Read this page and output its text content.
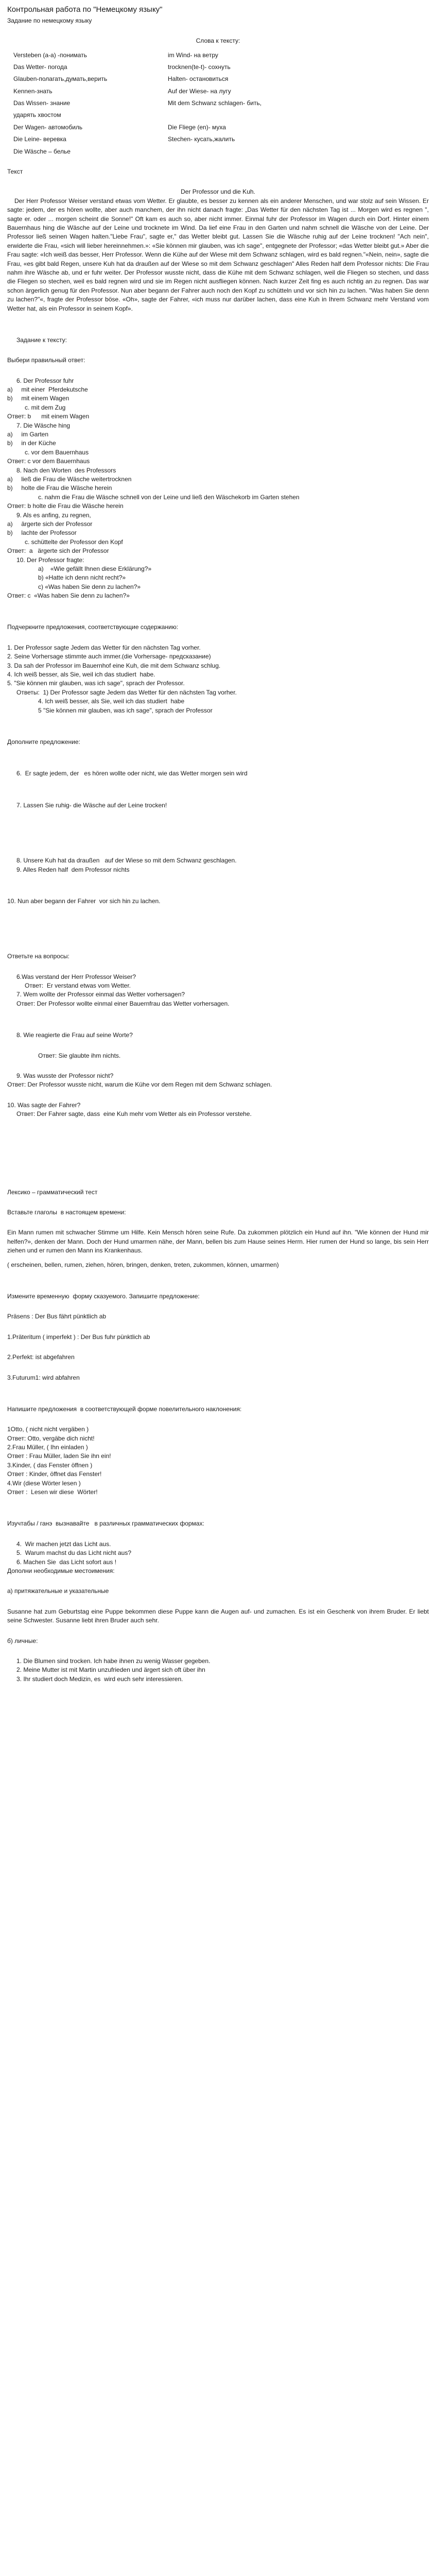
Контрольная работа по "Немецкому языку"

Задание по немецкому языку

Слова к тексту:

Versteben (a-a) -понимать	im Wind- на ветру
Das Wetter- погода	trocknen(te-t)- сохнуть
Glauben-полагать,думать,верить	Halten- остановиться
Kennen-знать	Auf der Wiese- на лугу
Das Wissen- знание	Mit dem Schwanz schlagen- бить,
ударять хвостом
Der Wagen- автомобиль	Die Fliege (en)- муха
Die Leine- веревка	Stechen- кусать,жалить
Die Wäsche – белье

Текст

Der Professor und die Kuh.

Der Herr Professor Weiser verstand etwas vom Wetter. Er glaubte, es besser zu kennen als ein anderer Menschen, und war stolz auf sein Wissen. Er sagte: jedem, der es hören wollte, aber auch manchem, der ihn nicht danach fragte: „Das Wetter für den nächsten Tag ist ... Morgen wird es regnen ", sagte er. oder ... morgen scheint die Sonne!" Oft kam es auch so, aber nicht immer. Einmal fuhr der Professor im Wagen durch ein Dorf. Hinter einem Bauernhaus hing die Wäsche auf der Leine und trocknete im Wind. Da lief eine Frau in den Garten und nahm schnell die Wäsche von der Leine. Der Professor ließ seinen Wagen halten."Liebe Frau", sagte er," das Wetter bleibt gut. Lassen Sie die Wäsche ruhig auf der Leine trocknen! "Ach nein", erwiderte die Frau, «sich will lieber hereinnehmen.»: «Sie können mir glauben, was ich sage", entgegnete der Professor; «das Wetter bleibt gut.» Aber die Frau sagte: «Ich weiß das besser, Herr Professor. Wenn die Kühe auf der Wiese mit dem Schwanz schlagen, wird es bald regnen."«Nein, nein», sagte die Frau, «es gibt bald Regen, unsere Kuh hat da draußen auf der Wiese so mit dem Schwanz geschlagen" Alles Reden half dem Professor nichts: Die Frau nahm ihre Wäsche ab, und er fuhr weiter. Der Professor wusste nicht, dass die Kühe mit dem Schwanz schlagen, weil die Fliegen so stechen, und dass die Fliegen so stechen, weil es bald regnen wird und sie im Regen nicht ausfliegen können. Nach kurzer Zeit fing es auch richtig an zu regnen. Das war schon ärgerlich genug für den Professor. Nun aber begann der Fahrer auch noch den Kopf zu schütteln und vor sich hin zu lachen. "Was haben Sie denn zu lachen?"«, fragte der Professor böse. «Oh», sagte der Fahrer, «ich muss nur darüber lachen, dass eine Kuh in Ihrem Schwanz mehr Verstand vom Wetter hat, als ein Professor in seinem Kopf».

Задание к тексту:

Выбери правильный ответ:

6. Der Professor fuhr

a)     mit einer  Pferdekutsche

b)     mit einem Wagen

c. mit dem Zug

Ответ: b      mit einem Wagen

7. Die Wäsche hing

a)     im Garten

b)     in der Küche

c. vor dem Bauernhaus

Ответ: c vor dem Bauernhaus

8. Nach den Worten  des Professors

a)     ließ die Frau die Wäsche weitertrocknen

b)     holte die Frau die Wäsche herein

c. nahm die Frau die Wäsche schnell von der Leine und ließ den Wäschekorb im Garten stehen

Ответ: b holte die Frau die Wäsche herein

9. Als es anfing, zu regnen,

a)     ärgerte sich der Professor

b)     lachte der Professor

c. schüttelte der Professor den Kopf

Ответ:  a   ärgerte sich der Professor

10. Der Professor fragte:

a)    «Wie gefällt Ihnen diese Erklärung?»

b) «Hatte ich denn nicht recht?»

c) «Was haben Sie denn zu lachen?»

Ответ: c  «Was haben Sie denn zu lachen?»

Подчеркните предложения, соответствующие содержанию:

1. Der Professor sagte Jedem das Wetter für den nächsten Tag vorher.

2. Seine Vorhersage stimmte auch immer.(die Vorhersage- предсказание)

3. Da sah der Professor im Bauernhof eine Kuh, die mit dem Schwanz schlug.

4. Ich weiß besser, als Sie, weil ich das studiert  habe.

5. "Sie können mir glauben, was ich sage", sprach der Professor.

Ответы:  1) Der Professor sagte Jedem das Wetter für den nächsten Tag vorher.

4. Ich weiß besser, als Sie, weil ich das studiert  habe

5 "Sie können mir glauben, was ich sage", sprach der Professor

Дополните предложение:

6.  Er sagte jedem, der   es hören wollte oder nicht, wie das Wetter morgen sein wird

7. Lassen Sie ruhig- die Wäsche auf der Leine trocken!

8. Unsere Kuh hat da draußen   auf der Wiese so mit dem Schwanz geschlagen.

9. Alles Reden half  dem Professor nichts

10. Nun aber begann der Fahrer  vor sich hin zu lachen.

Ответьте на вопросы:

6.Was verstand der Herr Professor Weiser?

Ответ:  Er verstand etwas vom Wetter.

7. Wem wollte der Professor einmal das Wetter vorhersagen?

Ответ: Der Professor wollte einmal einer Bauernfrau das Wetter vorhersagen.

8. Wie reagierte die Frau auf seine Worte?

Ответ: Sie glaubte ihm nichts.

9. Was wusste der Professor nicht?

Ответ: Der Professor wusste nicht, warum die Kühe vor dem Regen mit dem Schwanz schlagen.

10. Was sagte der Fahrer?

Ответ: Der Fahrer sagte, dass  eine Kuh mehr vom Wetter als ein Professor verstehe.

Лексико – грамматический тест

Вставьте глаголы  в настоящем времени:

Ein Mann rumen mit schwacher Stimme um Hilfe. Kein Mensch hören seine Rufe. Da zukommen plötzlich ein Hund auf ihn. "Wie können der Hund mir helfen?», denken der Mann. Doch der Hund umarmen nähe, der Mann, bellen bis zum Hause seines Herrn. Hier rumen der Hund so lange, bis sein Herr ziehen und er rumen den Mann ins Krankenhaus.

( erscheinen, bellen, rumen, ziehen, hören, bringen, denken, treten, zukommen, können, umarmen)

Измените временную  форму сказуемого. Запишите предложение:

Präsens : Der Bus fährt pünktlich ab

1.Präteritum ( imperfekt ) : Der Bus fuhr pünktlich ab

2.Perfekt: ist abgefahren

3.Futurum1: wird abfahren

Напишите предложения  в соответствующей форме повелительного наклонения:

1Otto, ( nicht nicht vergäben )

Ответ: Otto, vergäbe dich nicht!

2.Frau Müller, ( Ihn einladen )

Ответ : Frau Müller, laden Sie ihn ein!

3.Kinder, ( das Fenster öffnen )

Ответ : Kinder, öffnet das Fenster!

4.Wir (diese Wörter lesen )

Ответ :  Lesen wir diese  Wörter!

Изучтабы / ганэ  вызнавайте   в различных грамматических формах:

4.  Wir machen jetzt das Licht aus.

5.  Warum machst du das Licht nicht aus?

6. Machen Sie  das Licht sofort aus !

Дополни необходимые местоимения:

а) притяжательные и указательные

Susanne hat zum Geburtstag eine Puppe bekommen diese Puppe kann die Augen auf- und zumachen. Es ist ein Geschenk von ihrem Bruder. Er liebt seine Schwester. Susanne liebt ihren Bruder auch sehr.

б) личные:

1. Die Blumen sind trocken. Ich habe ihnen zu wenig Wasser gegeben.

2. Meine Mutter ist mit Martin unzufrieden und ärgert sich oft über ihn

3. Ihr studiert doch Medizin, es  wird euch sehr interessieren.
